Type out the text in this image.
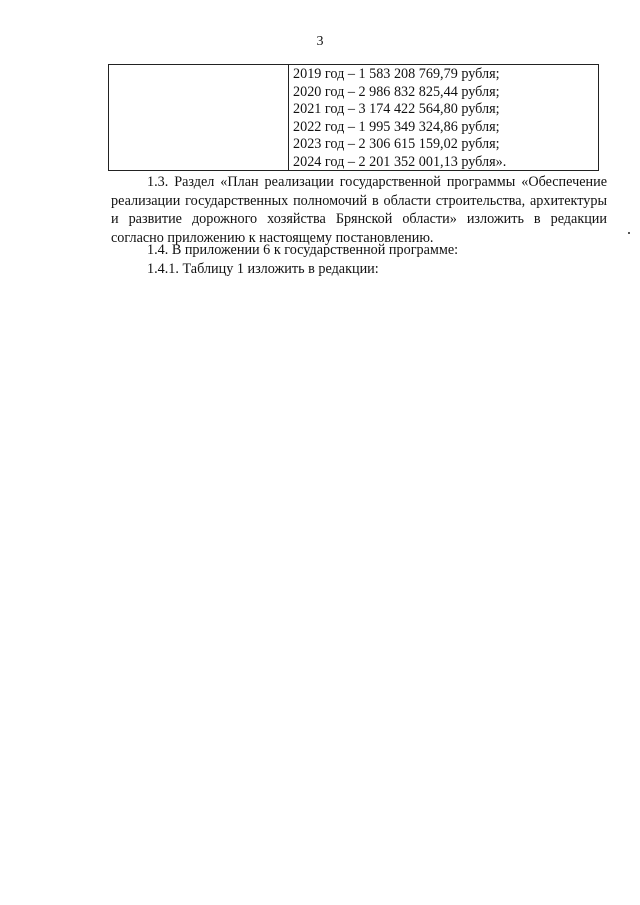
3
2019 год – 1 583 208 769,79 рубля;
2020 год – 2 986 832 825,44 рубля;
2021 год – 3 174 422 564,80 рубля;
2022 год – 1 995 349 324,86 рубля;
2023 год – 2 306 615 159,02 рубля;
2024 год – 2 201 352 001,13 рубля».

1.3. Раздел «План реализации государственной программы «Обеспечение реализации государственных полномочий в области строительства, архитектуры и развитие дорожного хозяйства Брянской области» изложить в редакции согласно приложению к настоящему постановлению.

1.4. В приложении 6 к государственной программе:
1.4.1. Таблицу 1 изложить в редакции:
